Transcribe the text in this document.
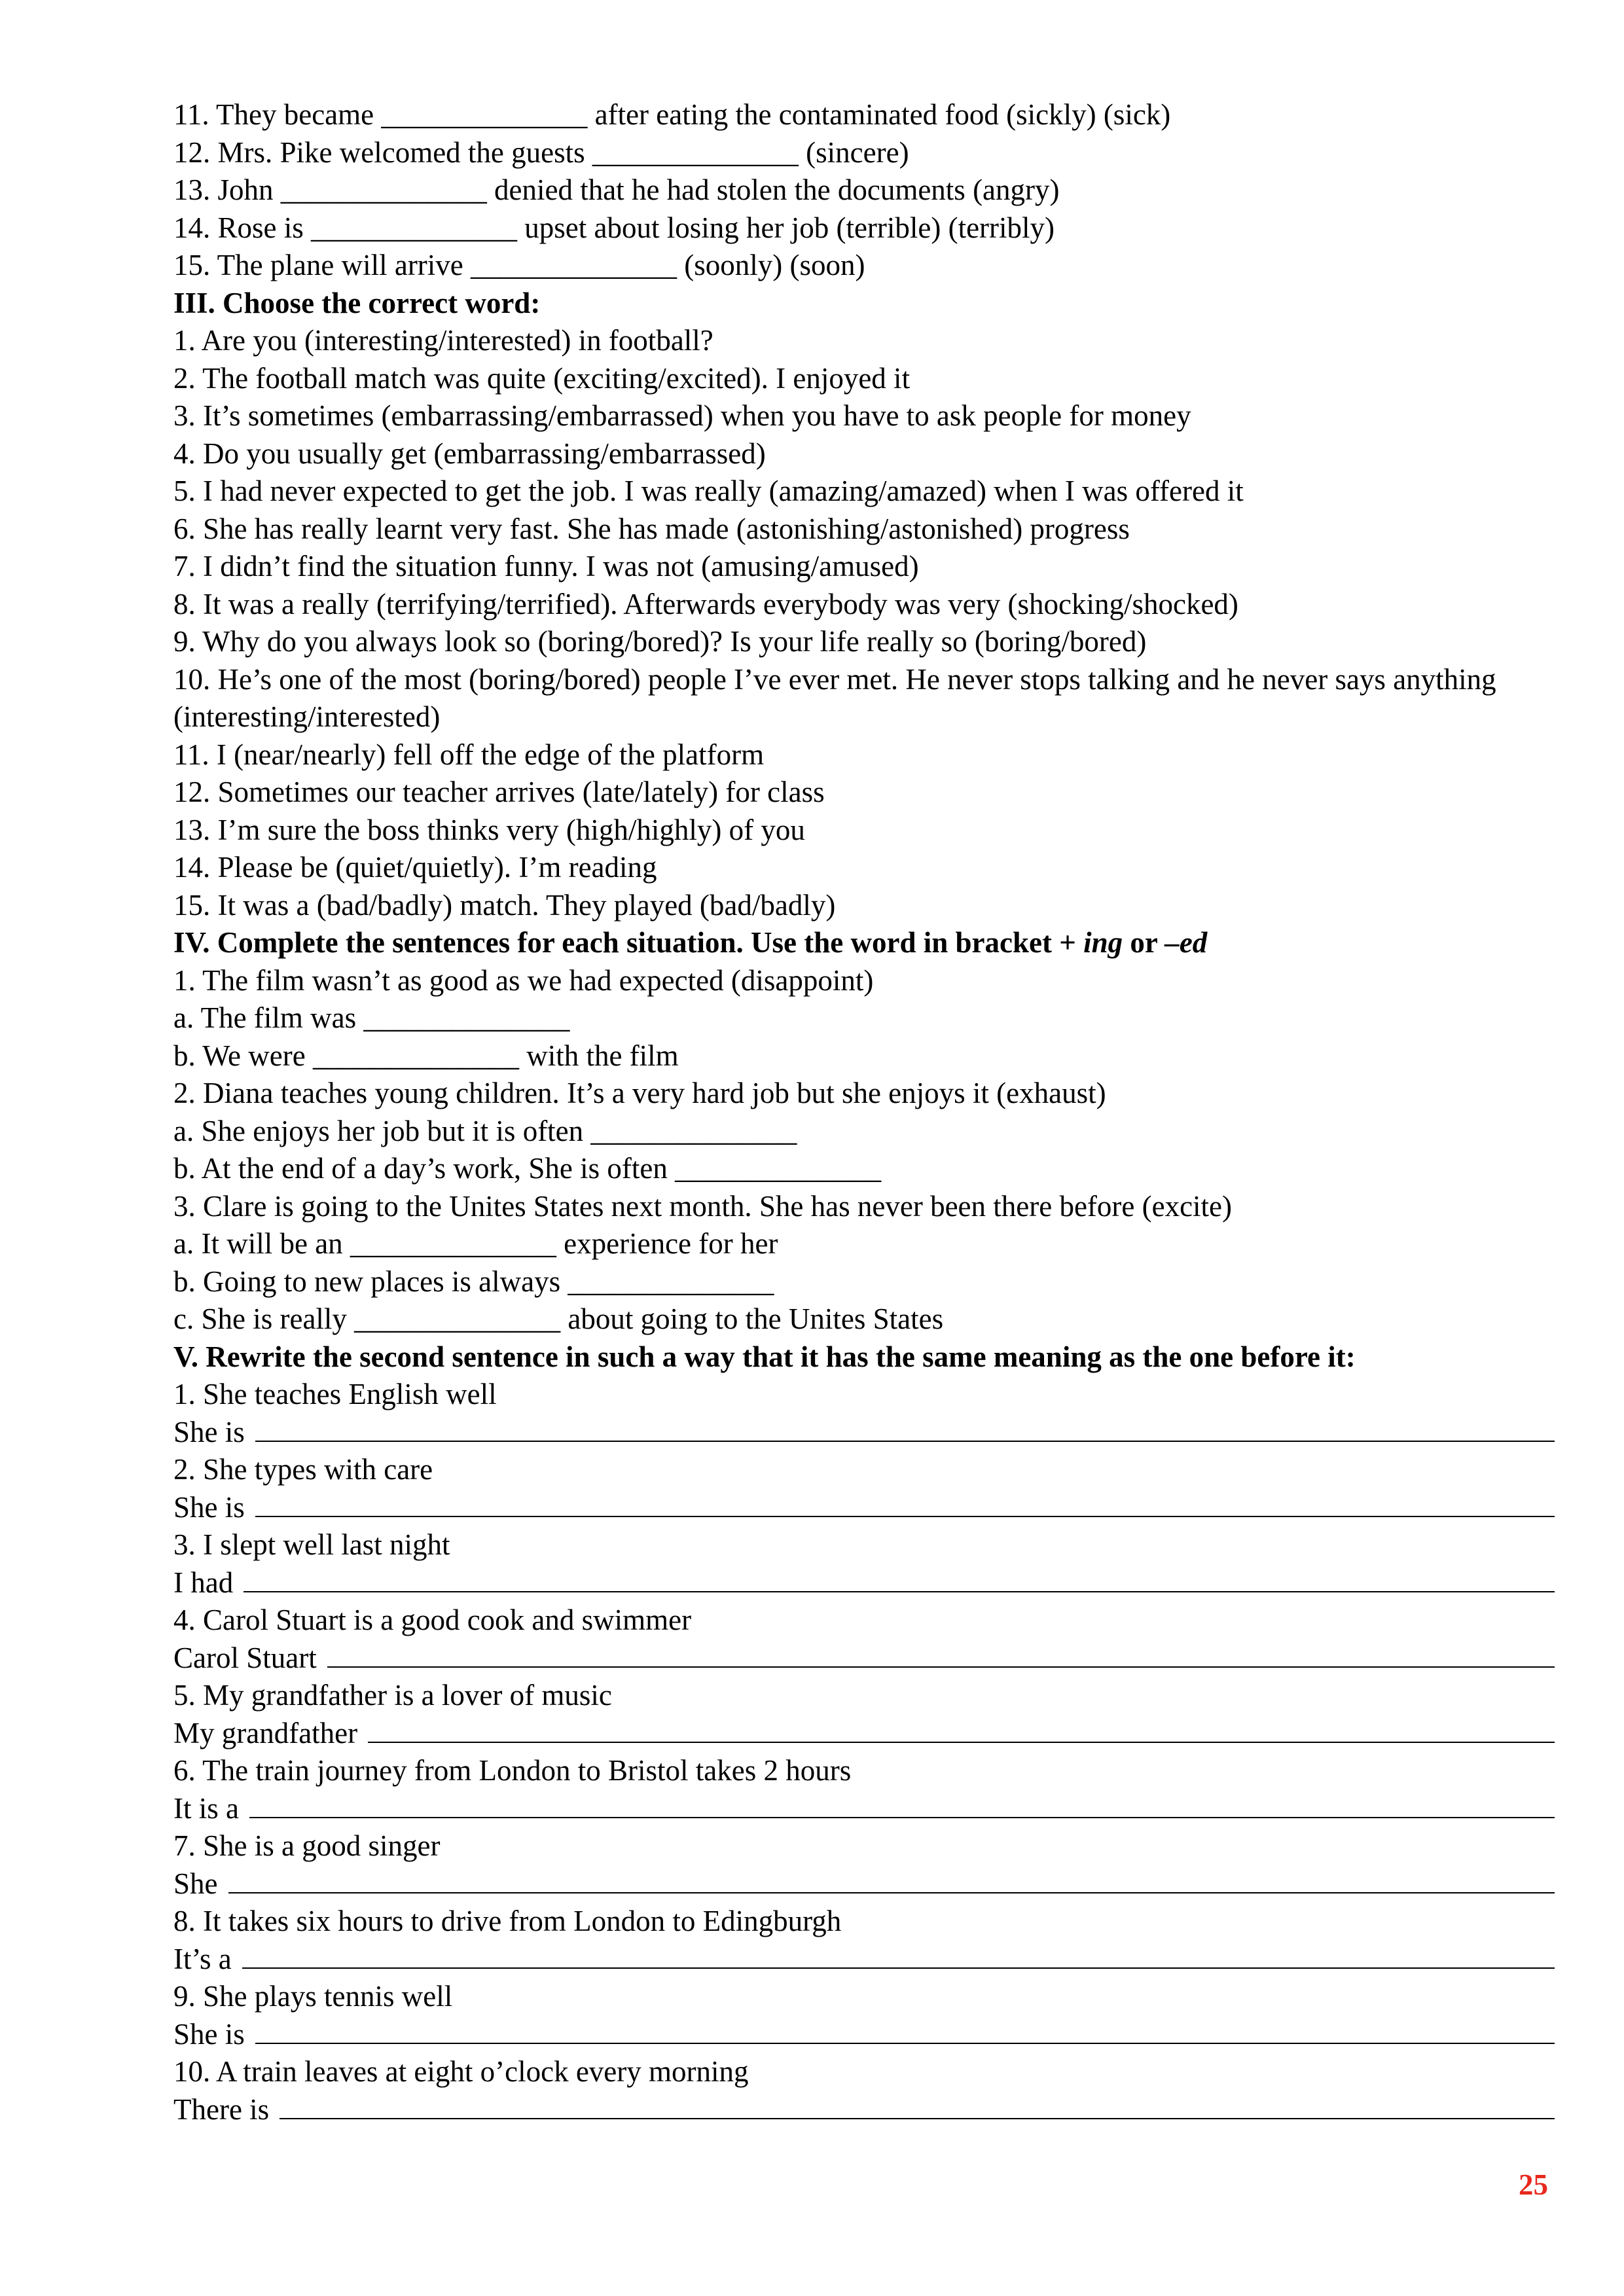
11. They became ______________ after eating the contaminated food (sickly) (sick)
12. Mrs. Pike welcomed the guests ______________ (sincere)
13. John ______________ denied that he had stolen the documents (angry)
14. Rose is ______________ upset about losing her job (terrible) (terribly)
15. The plane will arrive ______________ (soonly) (soon)
III. Choose the correct word:
1. Are you (interesting/interested) in football?
2. The football match was quite (exciting/excited). I enjoyed it
3. It’s sometimes (embarrassing/embarrassed) when you have to ask people for money
4. Do you usually get (embarrassing/embarrassed)
5. I had never expected to get the job. I was really (amazing/amazed) when I was offered it
6. She has really learnt very fast. She has made (astonishing/astonished) progress
7. I didn’t find the situation funny. I was not (amusing/amused)
8. It was a really (terrifying/terrified). Afterwards everybody was very (shocking/shocked)
9. Why do you always look so (boring/bored)? Is your life really so (boring/bored)
10. He’s one of the most (boring/bored) people I’ve ever met. He never stops talking and he never says anything (interesting/interested)
11. I (near/nearly) fell off the edge of the platform
12. Sometimes our teacher arrives (late/lately) for class
13. I’m sure the boss thinks very (high/highly) of you
14. Please be (quiet/quietly). I’m reading
15. It was a (bad/badly) match. They played (bad/badly)
IV. Complete the sentences for each situation. Use the word in bracket + ing or –ed
1. The film wasn’t as good as we had expected (disappoint)
a. The film was ______________
b. We were ______________ with the film
2. Diana teaches young children. It’s a very hard job but she enjoys it (exhaust)
a. She enjoys her job but it is often ______________
b. At the end of a day’s work, She is often ______________
3. Clare is going to the Unites States next month. She has never been there before (excite)
a. It will be an ______________ experience for her
b. Going to new places is always ______________
c. She is really ______________ about going to the Unites States
V. Rewrite the second sentence in such a way that it has the same meaning as the one before it:
1. She teaches English well
She is
2. She types with care
She is
3. I slept well last night
I had
4. Carol Stuart is a good cook and swimmer
Carol Stuart
5. My grandfather is a lover of music
My grandfather
6. The train journey from London to Bristol takes 2 hours
It is a
7. She is a good singer
She
8. It takes six hours to drive from London to Edingburgh
It’s a
9. She plays tennis well
She is
10. A train leaves at eight o’clock every morning
There is
25
